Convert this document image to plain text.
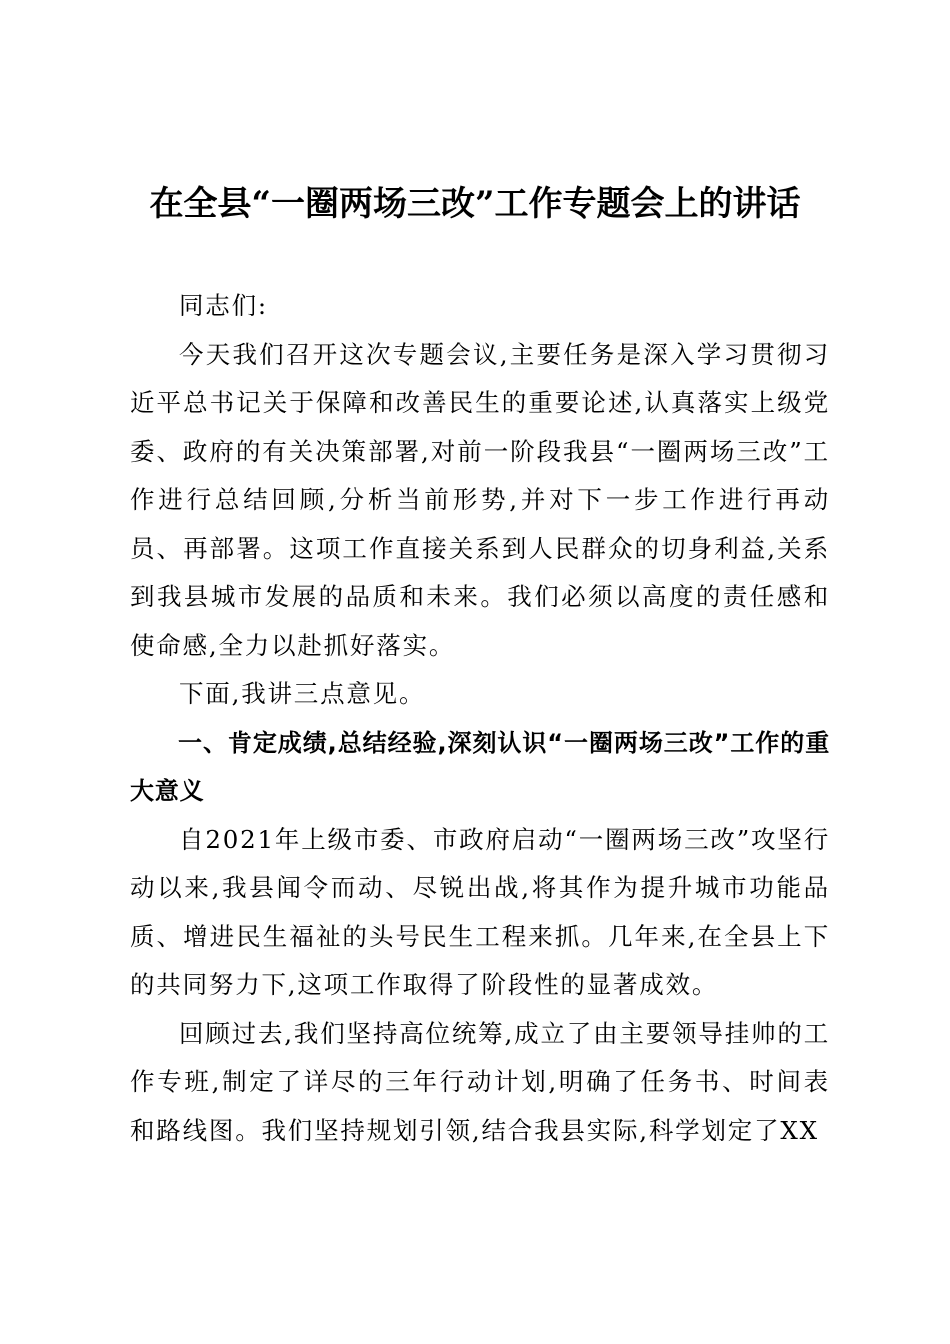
在全县“一圈两场三改”工作专题会上的讲话

同志们:

今天我们召开这次专题会议,主要任务是深入学习贯彻习近平总书记关于保障和改善民生的重要论述,认真落实上级党委、政府的有关决策部署,对前一阶段我县“一圈两场三改”工作进行总结回顾,分析当前形势,并对下一步工作进行再动员、再部署。这项工作直接关系到人民群众的切身利益,关系到我县城市发展的品质和未来。我们必须以高度的责任感和使命感,全力以赴抓好落实。

下面,我讲三点意见。

一、肯定成绩,总结经验,深刻认识“一圈两场三改”工作的重大意义

自2021年上级市委、市政府启动“一圈两场三改”攻坚行动以来,我县闻令而动、尽锐出战,将其作为提升城市功能品质、增进民生福祉的头号民生工程来抓。几年来,在全县上下的共同努力下,这项工作取得了阶段性的显著成效。

回顾过去,我们坚持高位统筹,成立了由主要领导挂帅的工作专班,制定了详尽的三年行动计划,明确了任务书、时间表和路线图。我们坚持规划引领,结合我县实际,科学划定了XX
